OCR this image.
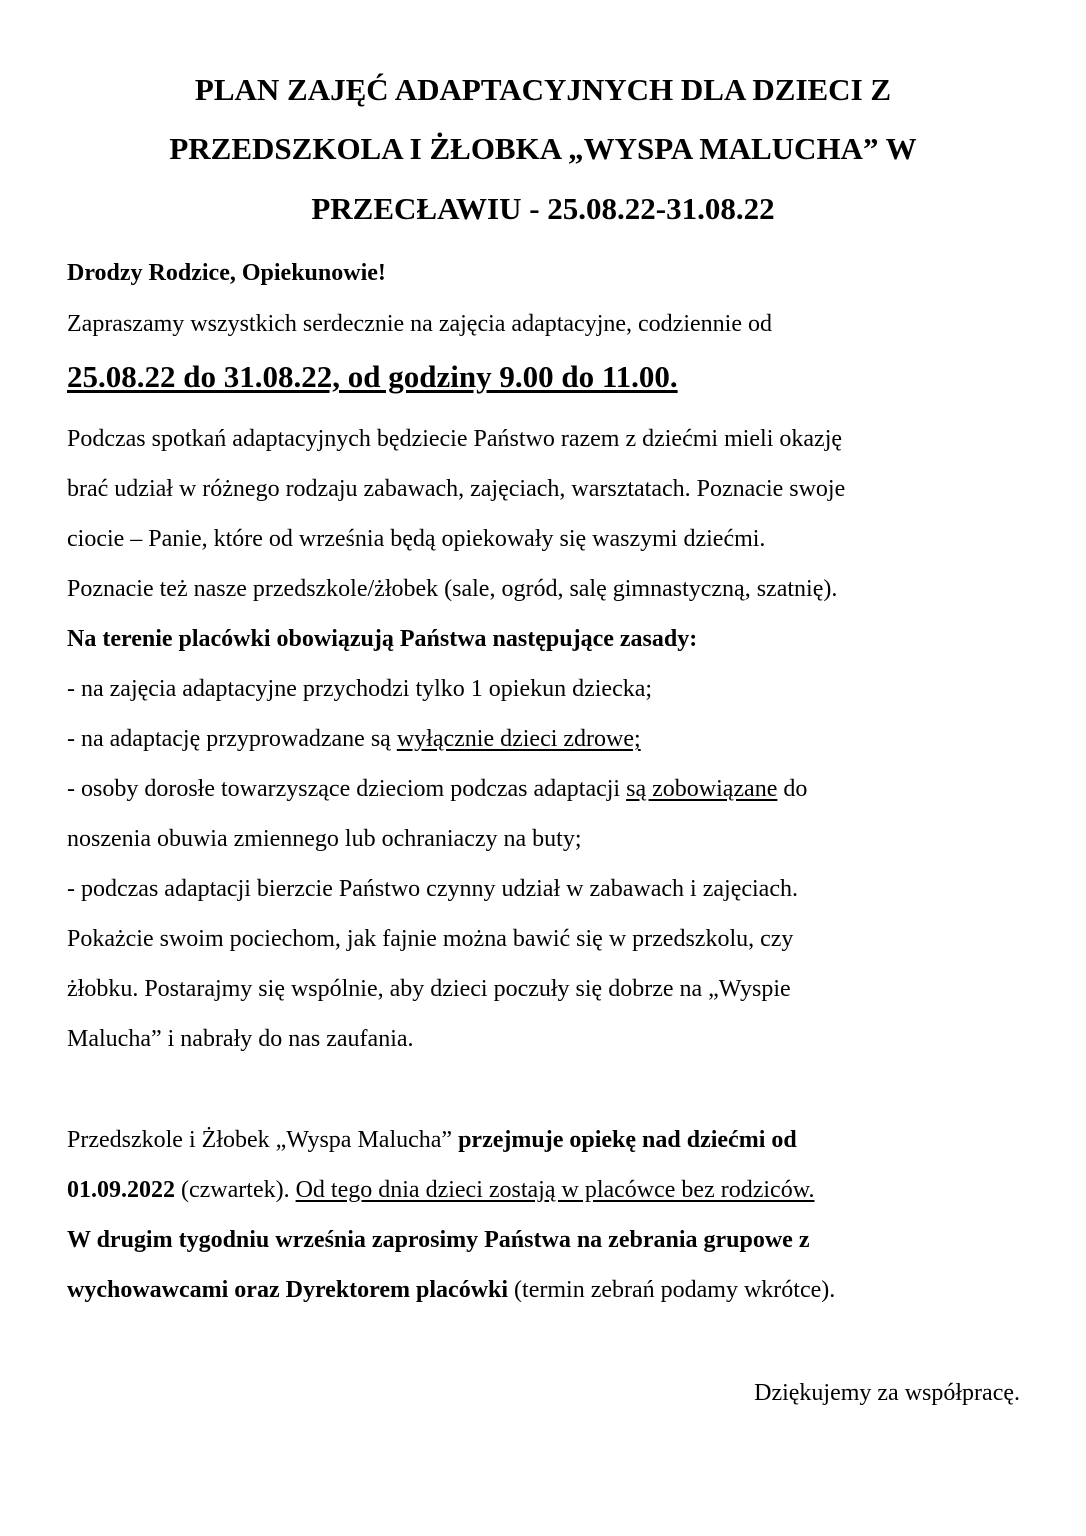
PLAN ZAJĘĆ ADAPTACYJNYCH DLA DZIECI Z
PRZEDSZKOLA I ŻŁOBKA „WYSPA MALUCHA” W
PRZECŁAWIU - 25.08.22-31.08.22
Drodzy Rodzice, Opiekunowie!
Zapraszamy wszystkich serdecznie na zajęcia adaptacyjne, codziennie od
25.08.22 do 31.08.22, od godziny 9.00 do 11.00.
Podczas spotkań adaptacyjnych będziecie Państwo razem z dziećmi mieli okazję
brać udział w różnego rodzaju zabawach, zajęciach, warsztatach. Poznacie swoje
ciocie – Panie, które od września będą opiekowały się waszymi dziećmi.
Poznacie też nasze przedszkole/żłobek (sale, ogród, salę gimnastyczną, szatnię).
Na terenie placówki obowiązują Państwa następujące zasady:
- na zajęcia adaptacyjne przychodzi tylko 1 opiekun dziecka;
- na adaptację przyprowadzane są wyłącznie dzieci zdrowe;
- osoby dorosłe towarzyszące dzieciom podczas adaptacji są zobowiązane do
noszenia obuwia zmiennego lub ochraniaczy na buty;
- podczas adaptacji bierzcie Państwo czynny udział w zabawach i zajęciach.
Pokażcie swoim pociechom, jak fajnie można bawić się w przedszkolu, czy
żłobku. Postarajmy się wspólnie, aby dzieci poczuły się dobrze na „Wyspie
Malucha” i nabrały do nas zaufania.
Przedszkole i Żłobek „Wyspa Malucha” przejmuje opiekę nad dziećmi od
01.09.2022 (czwartek). Od tego dnia dzieci zostają w placówce bez rodziców.
W drugim tygodniu września zaprosimy Państwa na zebrania grupowe z
wychowawcami oraz Dyrektorem placówki (termin zebrań podamy wkrótce).
Dziękujemy za współpracę.
